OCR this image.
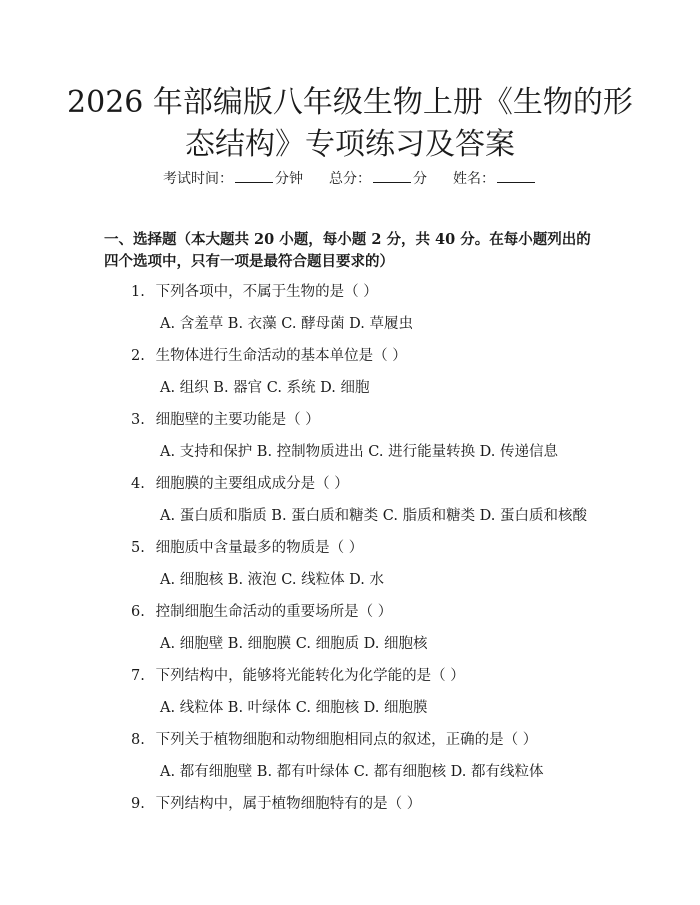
2026 年部编版八年级生物上册《生物的形态结构》专项练习及答案
考试时间：	分钟 总分：	分 姓名：

一、选择题（本大题共 20 小题，每小题 2 分，共 40 分。在每小题列出的四个选项中，只有一项是最符合题目要求的）

1. 下列各项中，不属于生物的是（ ）
A. 含羞草 B. 衣藻 C. 酵母菌 D. 草履虫
2. 生物体进行生命活动的基本单位是（ ）
A. 组织 B. 器官 C. 系统 D. 细胞
3. 细胞壁的主要功能是（ ）
A. 支持和保护 B. 控制物质进出 C. 进行能量转换 D. 传递信息
4. 细胞膜的主要组成成分是（ ）
A. 蛋白质和脂质 B. 蛋白质和糖类 C. 脂质和糖类 D. 蛋白质和核酸
5. 细胞质中含量最多的物质是（ ）
A. 细胞核 B. 液泡 C. 线粒体 D. 水
6. 控制细胞生命活动的重要场所是（ ）
A. 细胞壁 B. 细胞膜 C. 细胞质 D. 细胞核
7. 下列结构中，能够将光能转化为化学能的是（ ）
A. 线粒体 B. 叶绿体 C. 细胞核 D. 细胞膜
8. 下列关于植物细胞和动物细胞相同点的叙述，正确的是（ ）
A. 都有细胞壁 B. 都有叶绿体 C. 都有细胞核 D. 都有线粒体
9. 下列结构中，属于植物细胞特有的是（ ）
